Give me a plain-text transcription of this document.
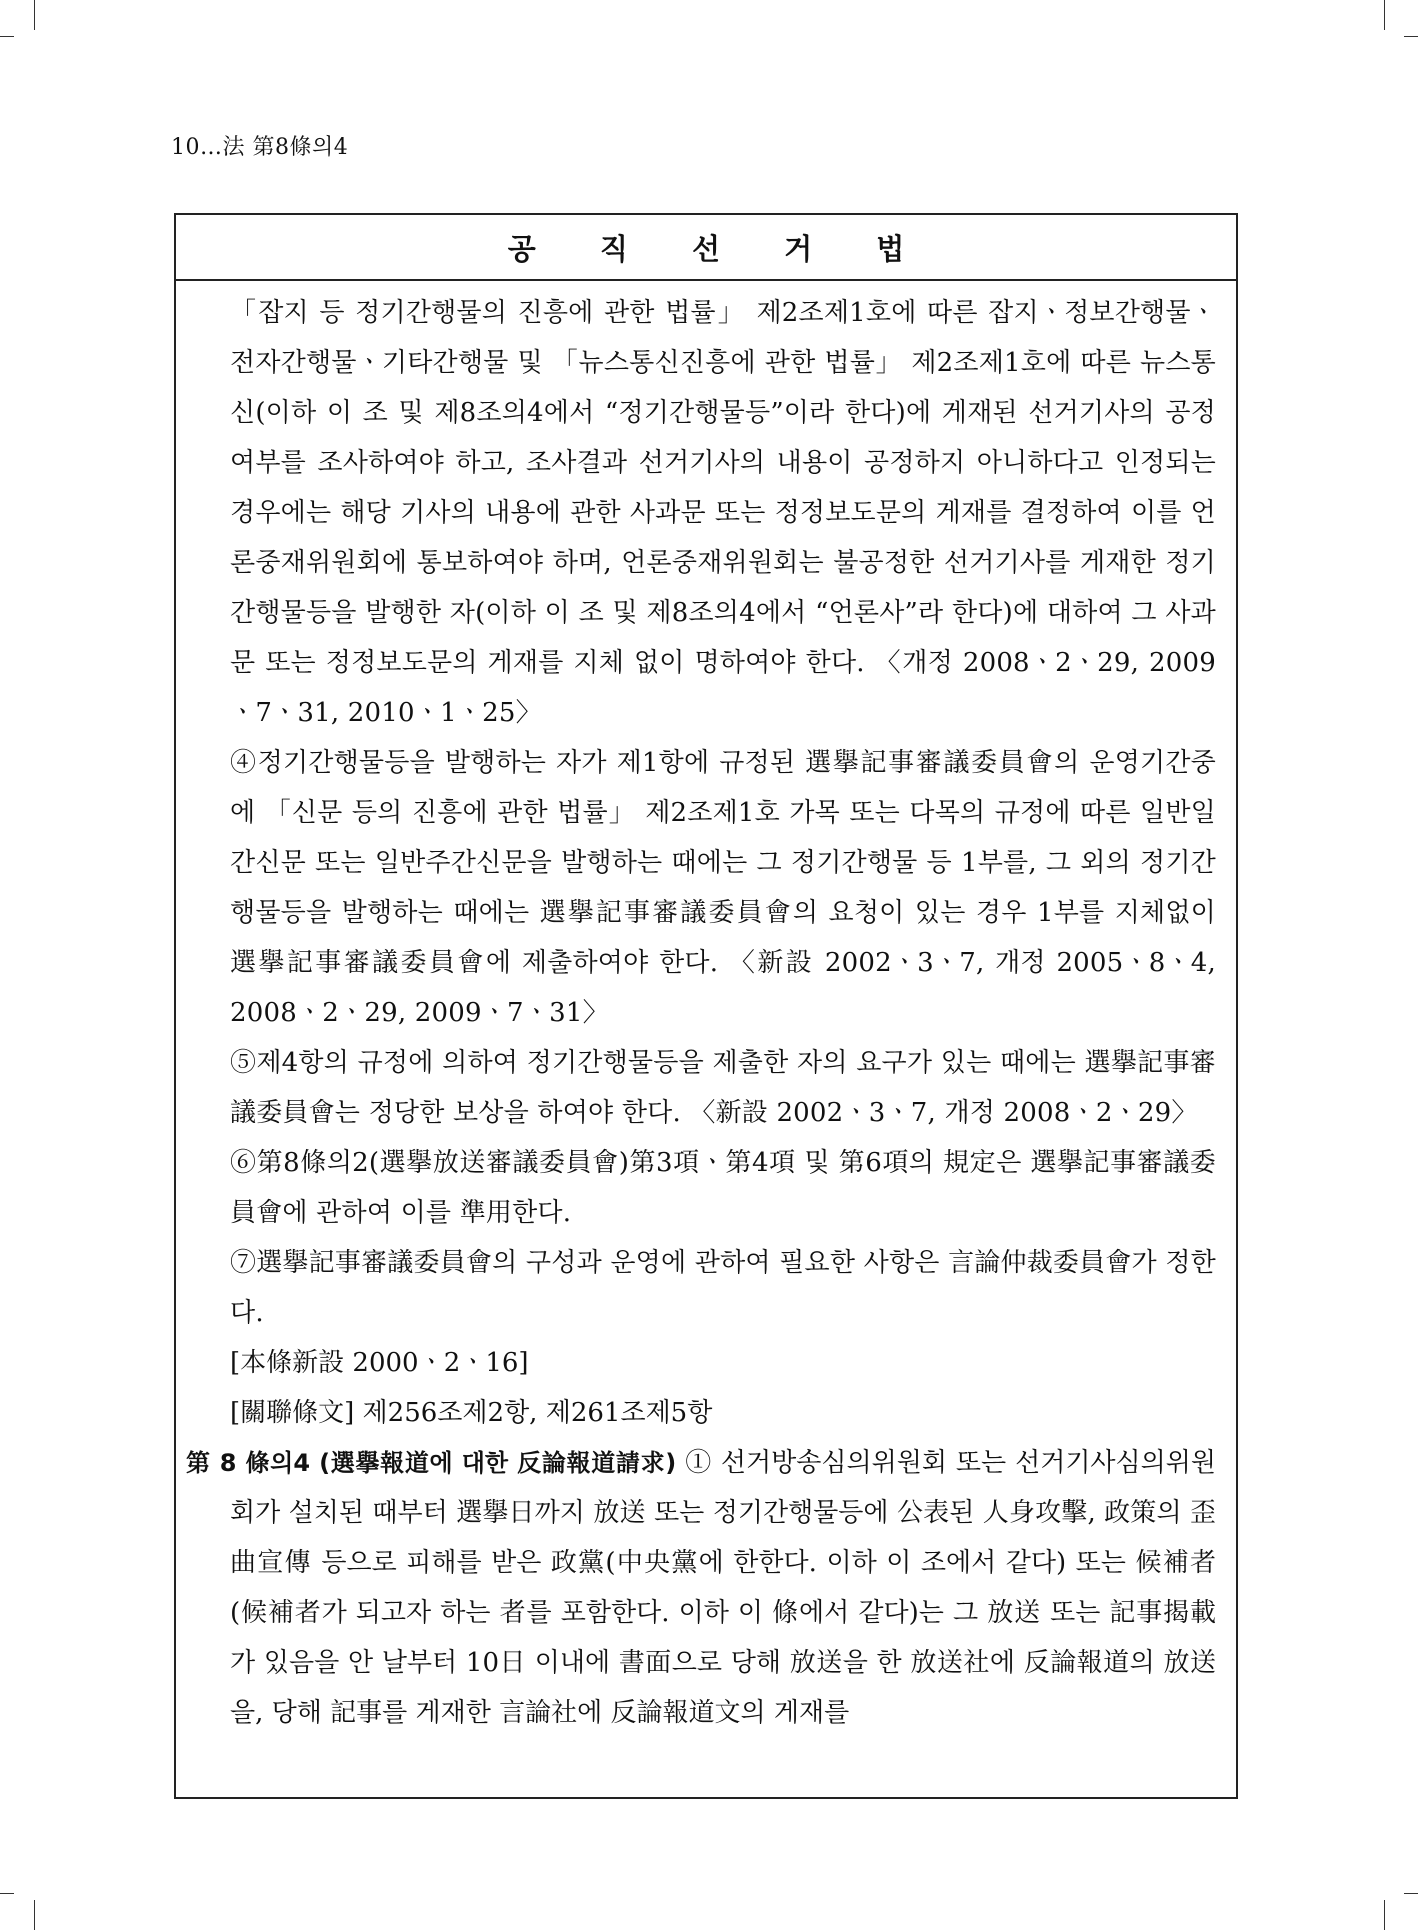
10…法 第8條의4
공 직 선 거 법

「잡지 등 정기간행물의 진흥에 관한 법률」 제2조제1호에 따른 잡지ㆍ정보간행물ㆍ전자간행물ㆍ기타간행물 및 「뉴스통신진흥에 관한 법률」 제2조제1호에 따른 뉴스통신(이하 이 조 및 제8조의4에서 “정기간행물등”이라 한다)에 게재된 선거기사의 공정 여부를 조사하여야 하고, 조사결과 선거기사의 내용이 공정하지 아니하다고 인정되는 경우에는 해당 기사의 내용에 관한 사과문 또는 정정보도문의 게재를 결정하여 이를 언론중재위원회에 통보하여야 하며, 언론중재위원회는 불공정한 선거기사를 게재한 정기간행물등을 발행한 자(이하 이 조 및 제8조의4에서 “언론사”라 한다)에 대하여 그 사과문 또는 정정보도문의 게재를 지체 없이 명하여야 한다. 〈개정 2008ㆍ2ㆍ29, 2009ㆍ7ㆍ31, 2010ㆍ1ㆍ25〉

④정기간행물등을 발행하는 자가 제1항에 규정된 選擧記事審議委員會의 운영기간중에 「신문 등의 진흥에 관한 법률」 제2조제1호 가목 또는 다목의 규정에 따른 일반일간신문 또는 일반주간신문을 발행하는 때에는 그 정기간행물 등 1부를, 그 외의 정기간행물등을 발행하는 때에는 選擧記事審議委員會의 요청이 있는 경우 1부를 지체없이 選擧記事審議委員會에 제출하여야 한다. 〈新設 2002ㆍ3ㆍ7, 개정 2005ㆍ8ㆍ4, 2008ㆍ2ㆍ29, 2009ㆍ7ㆍ31〉

⑤제4항의 규정에 의하여 정기간행물등을 제출한 자의 요구가 있는 때에는 選擧記事審議委員會는 정당한 보상을 하여야 한다. 〈新設 2002ㆍ3ㆍ7, 개정 2008ㆍ2ㆍ29〉

⑥第8條의2(選擧放送審議委員會)第3項ㆍ第4項 및 第6項의 規定은 選擧記事審議委員會에 관하여 이를 準用한다.

⑦選擧記事審議委員會의 구성과 운영에 관하여 필요한 사항은 言論仲裁委員會가 정한다.

[本條新設 2000ㆍ2ㆍ16]

[關聯條文] 제256조제2항, 제261조제5항

第 8 條의4 (選擧報道에 대한 反論報道請求) ① 선거방송심의위원회 또는 선거기사심의위원회가 설치된 때부터 選擧日까지 放送 또는 정기간행물등에 公表된 人身攻擊, 政策의 歪曲宣傳 등으로 피해를 받은 政黨(中央黨에 한한다. 이하 이 조에서 같다) 또는 候補者(候補者가 되고자 하는 者를 포함한다. 이하 이 條에서 같다)는 그 放送 또는 記事揭載가 있음을 안 날부터 10日 이내에 書面으로 당해 放送을 한 放送社에 反論報道의 放送을, 당해 記事를 게재한 言論社에 反論報道文의 게재를
